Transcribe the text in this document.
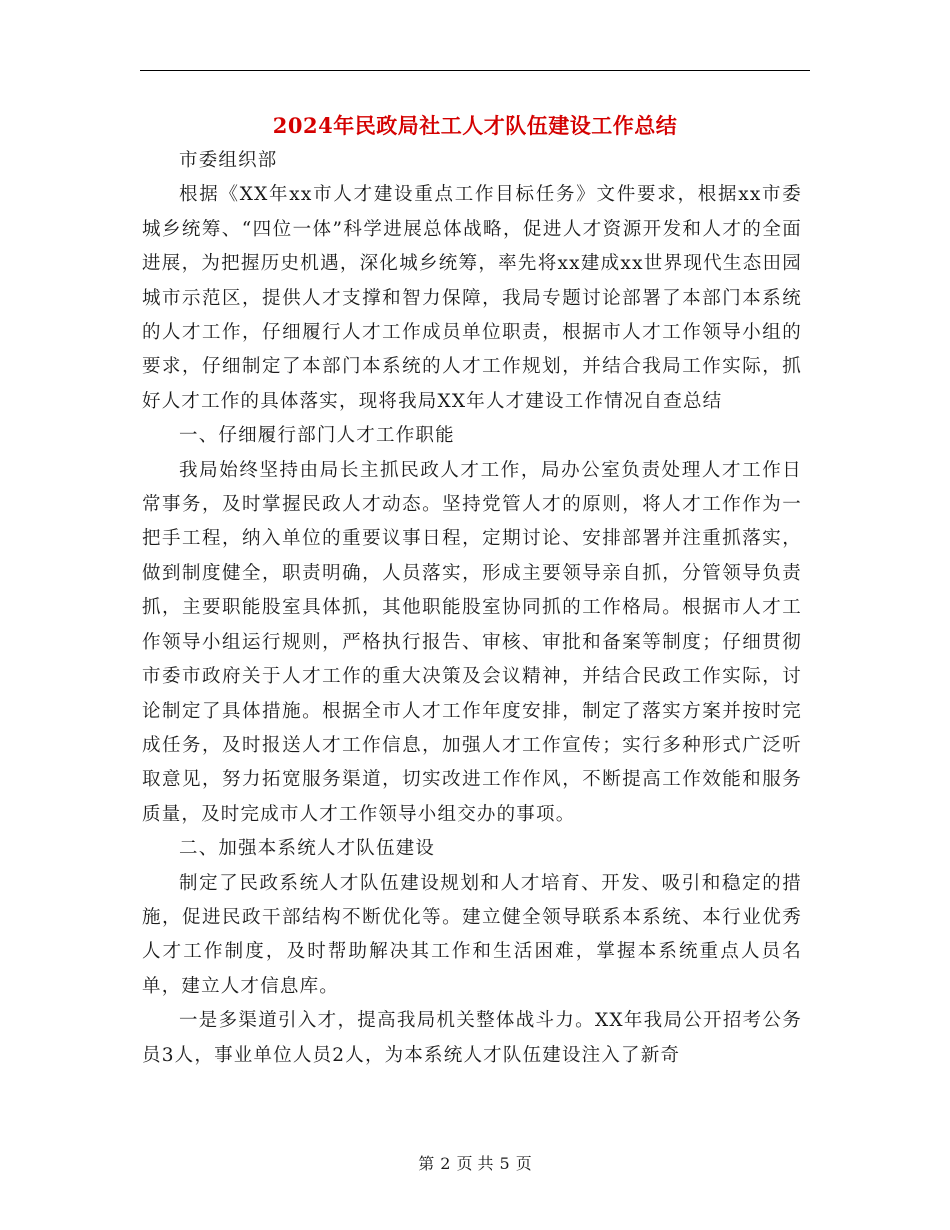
2024年民政局社工人才队伍建设工作总结

市委组织部

根据《XX年xx市人才建设重点工作目标任务》文件要求，根据xx市委城乡统筹、“四位一体”科学进展总体战略，促进人才资源开发和人才的全面进展，为把握历史机遇，深化城乡统筹，率先将xx建成xx世界现代生态田园城市示范区，提供人才支撑和智力保障，我局专题讨论部署了本部门本系统的人才工作，仔细履行人才工作成员单位职责，根据市人才工作领导小组的要求，仔细制定了本部门本系统的人才工作规划，并结合我局工作实际，抓好人才工作的具体落实，现将我局XX年人才建设工作情况自查总结

一、仔细履行部门人才工作职能

我局始终坚持由局长主抓民政人才工作，局办公室负责处理人才工作日常事务，及时掌握民政人才动态。坚持党管人才的原则，将人才工作作为一把手工程，纳入单位的重要议事日程，定期讨论、安排部署并注重抓落实，做到制度健全，职责明确，人员落实，形成主要领导亲自抓，分管领导负责抓，主要职能股室具体抓，其他职能股室协同抓的工作格局。根据市人才工作领导小组运行规则，严格执行报告、审核、审批和备案等制度；仔细贯彻市委市政府关于人才工作的重大决策及会议精神，并结合民政工作实际，讨论制定了具体措施。根据全市人才工作年度安排，制定了落实方案并按时完成任务，及时报送人才工作信息，加强人才工作宣传；实行多种形式广泛听取意见，努力拓宽服务渠道，切实改进工作作风，不断提高工作效能和服务质量，及时完成市人才工作领导小组交办的事项。

二、加强本系统人才队伍建设

制定了民政系统人才队伍建设规划和人才培育、开发、吸引和稳定的措施，促进民政干部结构不断优化等。建立健全领导联系本系统、本行业优秀人才工作制度，及时帮助解决其工作和生活困难，掌握本系统重点人员名单，建立人才信息库。

一是多渠道引入才，提高我局机关整体战斗力。XX年我局公开招考公务员3人，事业单位人员2人，为本系统人才队伍建设注入了新奇

第 2 页 共 5 页
